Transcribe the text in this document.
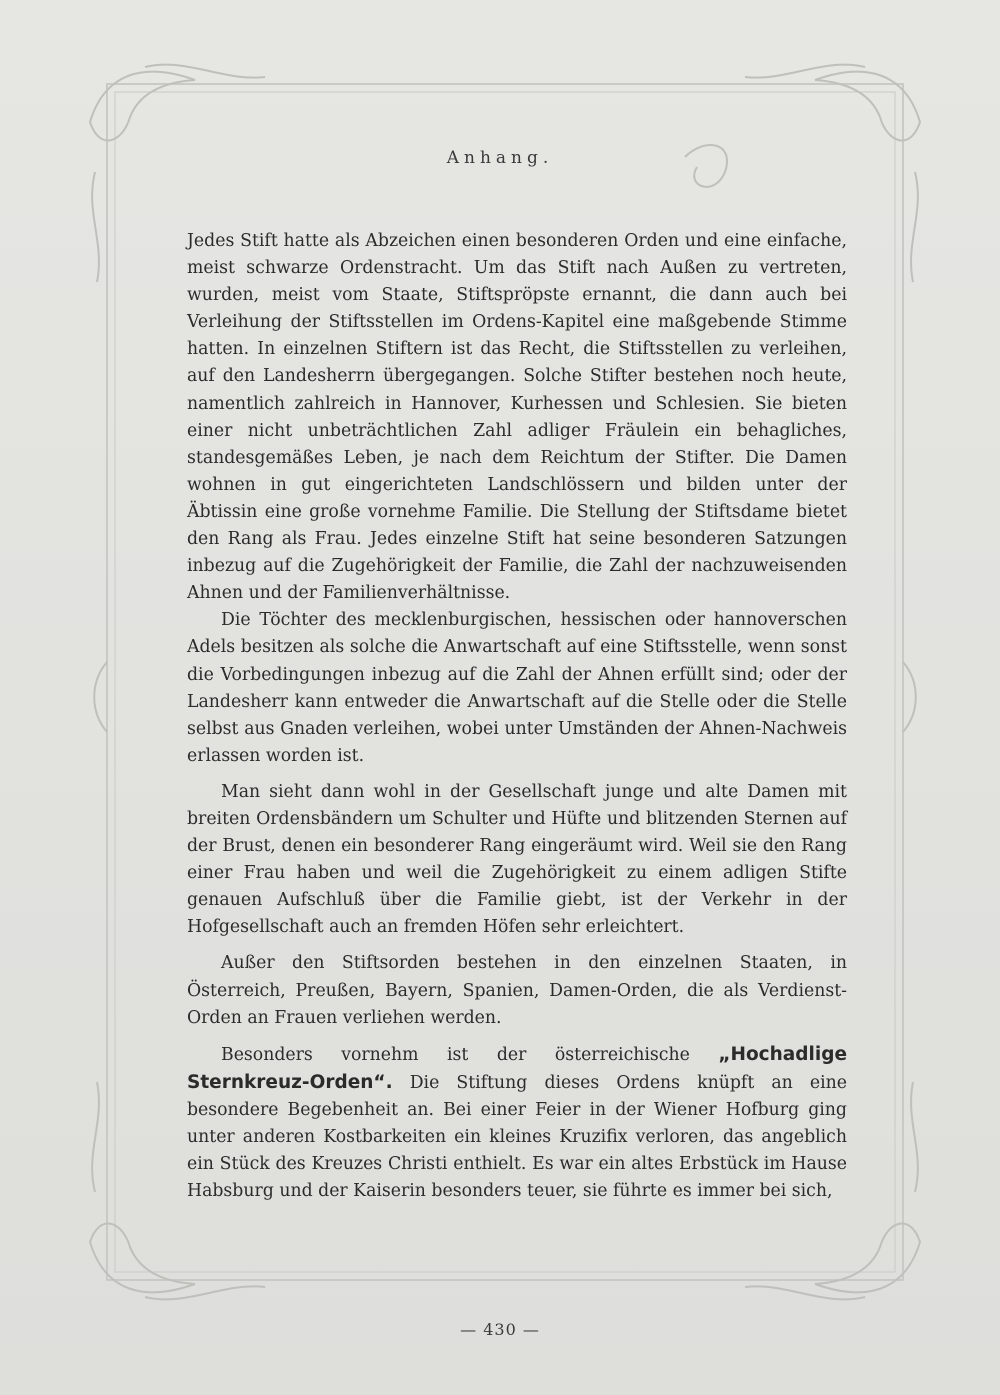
Anhang.

Jedes Stift hatte als Abzeichen einen besonderen Orden und eine einfache, meist schwarze Ordenstracht. Um das Stift nach Außen zu vertreten, wurden, meist vom Staate, Stiftspröpste ernannt, die dann auch bei Verleihung der Stiftsstellen im Ordens-Kapitel eine maßgebende Stimme hatten. In einzelnen Stiftern ist das Recht, die Stiftsstellen zu verleihen, auf den Landesherrn übergegangen. Solche Stifter bestehen noch heute, namentlich zahlreich in Hannover, Kurhessen und Schlesien. Sie bieten einer nicht unbeträchtlichen Zahl adliger Fräulein ein behagliches, standesgemäßes Leben, je nach dem Reichtum der Stifter. Die Damen wohnen in gut eingerichteten Landschlössern und bilden unter der Äbtissin eine große vornehme Familie. Die Stellung der Stiftsdame bietet den Rang als Frau. Jedes einzelne Stift hat seine besonderen Satzungen inbezug auf die Zugehörigkeit der Familie, die Zahl der nachzuweisenden Ahnen und der Familienverhältnisse.

Die Töchter des mecklenburgischen, hessischen oder hannoverschen Adels besitzen als solche die Anwartschaft auf eine Stiftsstelle, wenn sonst die Vorbedingungen inbezug auf die Zahl der Ahnen erfüllt sind; oder der Landesherr kann entweder die Anwartschaft auf die Stelle oder die Stelle selbst aus Gnaden verleihen, wobei unter Umständen der Ahnen-Nachweis erlassen worden ist.

Man sieht dann wohl in der Gesellschaft junge und alte Damen mit breiten Ordensbändern um Schulter und Hüfte und blitzenden Sternen auf der Brust, denen ein besonderer Rang eingeräumt wird. Weil sie den Rang einer Frau haben und weil die Zugehörigkeit zu einem adligen Stifte genauen Aufschluß über die Familie giebt, ist der Verkehr in der Hofgesellschaft auch an fremden Höfen sehr erleichtert.

Außer den Stiftsorden bestehen in den einzelnen Staaten, in Österreich, Preußen, Bayern, Spanien, Damen-Orden, die als Verdienst-Orden an Frauen verliehen werden.

Besonders vornehm ist der österreichische „Hochadlige Sternkreuz-Orden“. Die Stiftung dieses Ordens knüpft an eine besondere Begebenheit an. Bei einer Feier in der Wiener Hofburg ging unter anderen Kostbarkeiten ein kleines Kruzifix verloren, das angeblich ein Stück des Kreuzes Christi enthielt. Es war ein altes Erbstück im Hause Habsburg und der Kaiserin besonders teuer, sie führte es immer bei sich,

— 430 —
